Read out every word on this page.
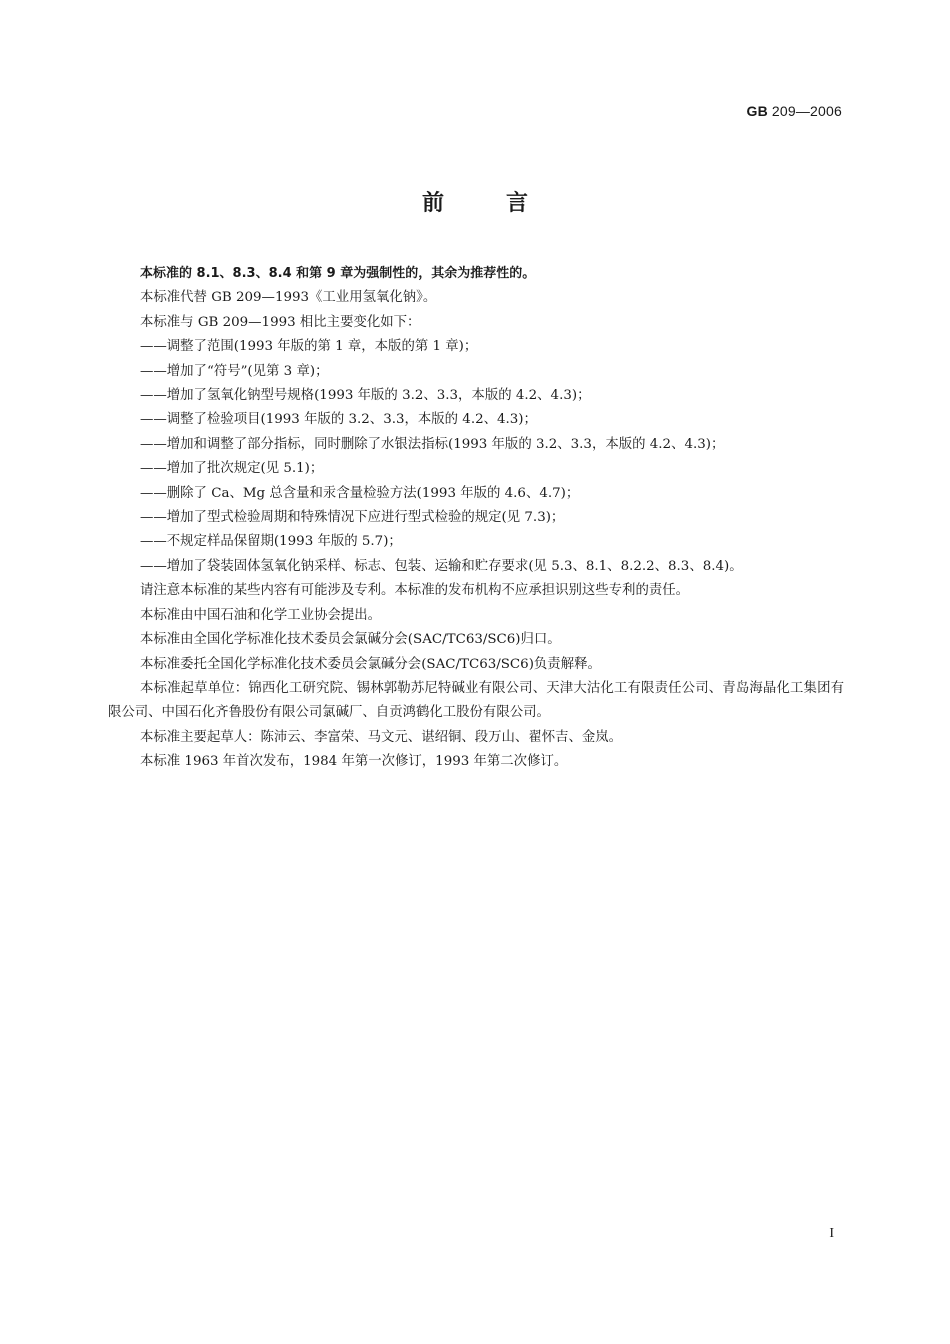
GB 209—2006
前言

本标准的 8.1、8.3、8.4 和第 9 章为强制性的，其余为推荐性的。

本标准代替 GB 209—1993《工业用氢氧化钠》。

本标准与 GB 209—1993 相比主要变化如下：

——调整了范围(1993 年版的第 1 章，本版的第 1 章)；

——增加了“符号”(见第 3 章)；

——增加了氢氧化钠型号规格(1993 年版的 3.2、3.3，本版的 4.2、4.3)；

——调整了检验项目(1993 年版的 3.2、3.3，本版的 4.2、4.3)；

——增加和调整了部分指标，同时删除了水银法指标(1993 年版的 3.2、3.3，本版的 4.2、4.3)；

——增加了批次规定(见 5.1)；

——删除了 Ca、Mg 总含量和汞含量检验方法(1993 年版的 4.6、4.7)；

——增加了型式检验周期和特殊情况下应进行型式检验的规定(见 7.3)；

——不规定样品保留期(1993 年版的 5.7)；

——增加了袋装固体氢氧化钠采样、标志、包装、运输和贮存要求(见 5.3、8.1、8.2.2、8.3、8.4)。

请注意本标准的某些内容有可能涉及专利。本标准的发布机构不应承担识别这些专利的责任。

本标准由中国石油和化学工业协会提出。

本标准由全国化学标准化技术委员会氯碱分会(SAC/TC63/SC6)归口。

本标准委托全国化学标准化技术委员会氯碱分会(SAC/TC63/SC6)负责解释。

本标准起草单位：锦西化工研究院、锡林郭勒苏尼特碱业有限公司、天津大沽化工有限责任公司、青岛海晶化工集团有限公司、中国石化齐鲁股份有限公司氯碱厂、自贡鸿鹤化工股份有限公司。

本标准主要起草人：陈沛云、李富荣、马文元、谌绍铜、段万山、翟怀吉、金岚。

本标准 1963 年首次发布，1984 年第一次修订，1993 年第二次修订。

I
